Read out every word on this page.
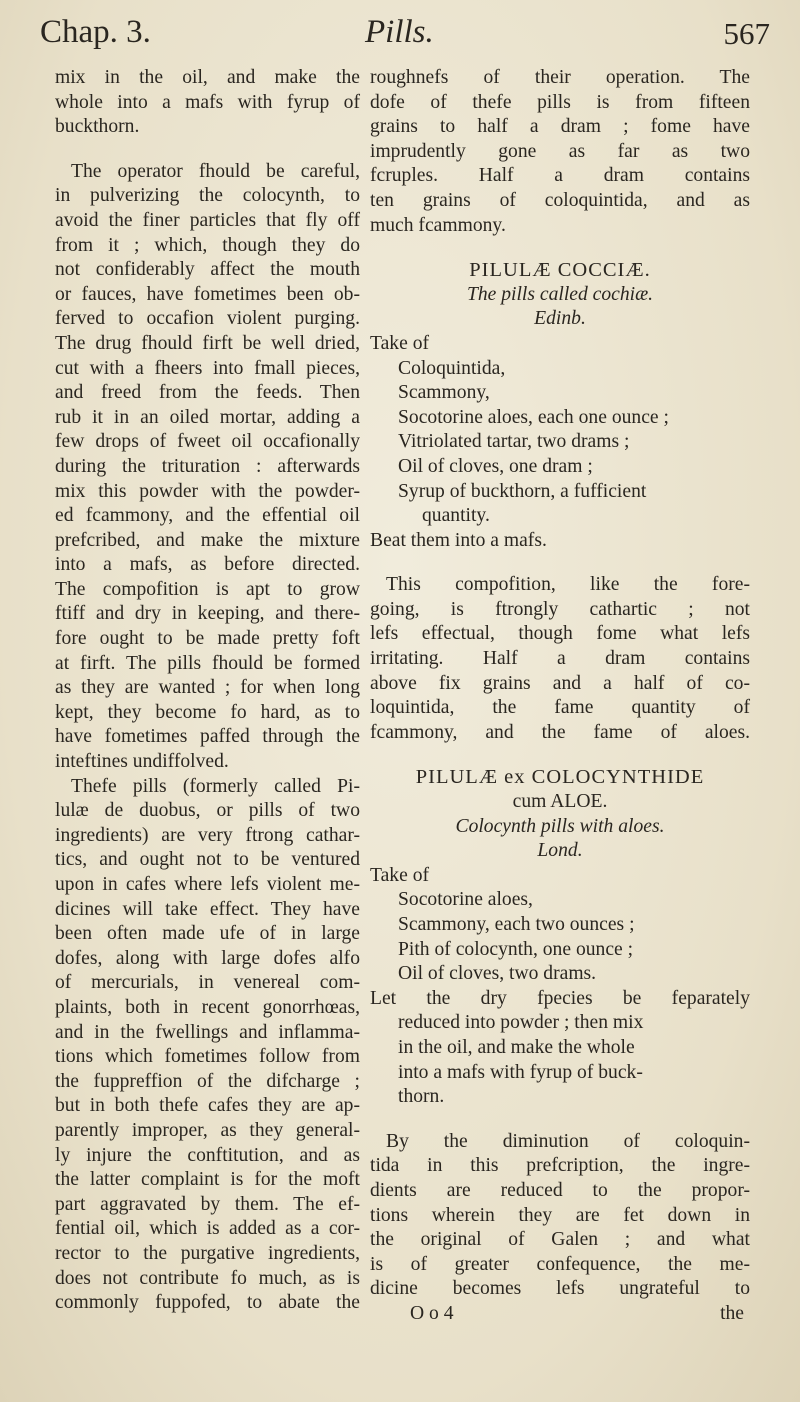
Chap. 3.	Pills.	567
mix in the oil, and make the
whole into a mafs with fyrup of
buckthorn.
The operator fhould be careful,
in pulverizing the colocynth, to
avoid the finer particles that fly off
from it ; which, though they do
not confiderably affect the mouth
or fauces, have fometimes been ob-
ferved to occafion violent purging.
The drug fhould firft be well dried,
cut with a fheers into fmall pieces,
and freed from the feeds. Then
rub it in an oiled mortar, adding a
few drops of fweet oil occafionally
during the trituration : afterwards
mix this powder with the powder-
ed fcammony, and the effential oil
prefcribed, and make the mixture
into a mafs, as before directed.
The compofition is apt to grow
ftiff and dry in keeping, and there-
fore ought to be made pretty foft
at firft. The pills fhould be formed
as they are wanted ; for when long
kept, they become fo hard, as to
have fometimes paffed through the
inteftines undiffolved.
Thefe pills (formerly called Pi-
lulæ de duobus, or pills of two
ingredients) are very ftrong cathar-
tics, and ought not to be ventured
upon in cafes where lefs violent me-
dicines will take effect. They have
been often made ufe of in large
dofes, along with large dofes alfo
of mercurials, in venereal com-
plaints, both in recent gonorrhœas,
and in the fwellings and inflamma-
tions which fometimes follow from
the fuppreffion of the difcharge ;
but in both thefe cafes they are ap-
parently improper, as they general-
ly injure the conftitution, and as
the latter complaint is for the moft
part aggravated by them. The ef-
fential oil, which is added as a cor-
rector to the purgative ingredients,
does not contribute fo much, as is
commonly fuppofed, to abate the
roughnefs of their operation. The
dofe of thefe pills is from fifteen
grains to half a dram ; fome have
imprudently gone as far as two
fcruples. Half a dram contains
ten grains of coloquintida, and as
much fcammony.
PILULÆ COCCIÆ.
The pills called cochiæ.
Edinb.
Take of
Coloquintida,
Scammony,
Socotorine aloes, each one ounce ;
Vitriolated tartar, two drams ;
Oil of cloves, one dram ;
Syrup of buckthorn, a fufficient
quantity.
Beat them into a mafs.
This compofition, like the fore-
going, is ftrongly cathartic ; not
lefs effectual, though fome what lefs
irritating. Half a dram contains
above fix grains and a half of co-
loquintida, the fame quantity of
fcammony, and the fame of aloes.
PILULÆ ex COLOCYNTHIDE
cum ALOE.
Colocynth pills with aloes.
Lond.
Take of
Socotorine aloes,
Scammony, each two ounces ;
Pith of colocynth, one ounce ;
Oil of cloves, two drams.
Let the dry fpecies be feparately
reduced into powder ; then mix
in the oil, and make the whole
into a mafs with fyrup of buck-
thorn.
By the diminution of coloquin-
tida in this prefcription, the ingre-
dients are reduced to the propor-
tions wherein they are fet down in
the original of Galen ; and what
is of greater confequence, the me-
dicine becomes lefs ungrateful to
O o 4	the
